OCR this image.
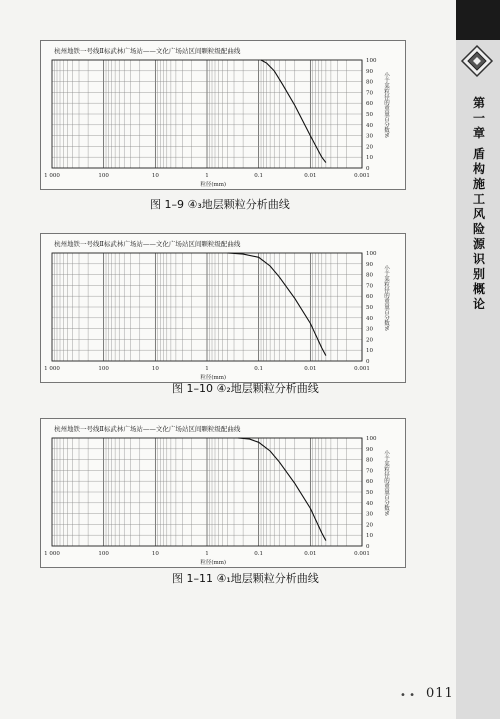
第一章
盾构施工风险源识别概论
杭州地铁一号线Ⅱ标武林广场站——文化广场站区间颗粒级配曲线
1 000	100	10	1	0.1	0.01	0.001
0
10
20
30
40
50
60
70
80
90
100
粒径(mm)
小于某粒径的重量百分数%
图 1–9 ④₃地层颗粒分析曲线
杭州地铁一号线Ⅱ标武林广场站——文化广场站区间颗粒级配曲线
1 000	100	10	1	0.1	0.01	0.001
0
10
20
30
40
50
60
70
80
90
100
粒径(mm)
小于某粒径的重量百分数%
图 1–10 ④₂地层颗粒分析曲线
杭州地铁一号线Ⅱ标武林广场站——文化广场站区间颗粒级配曲线
1 000	100	10	1	0.1	0.01	0.001
0
10
20
30
40
50
60
70
80
90
100
粒径(mm)
小于某粒径的重量百分数%
图 1–11 ④₁地层颗粒分析曲线
• • 011
